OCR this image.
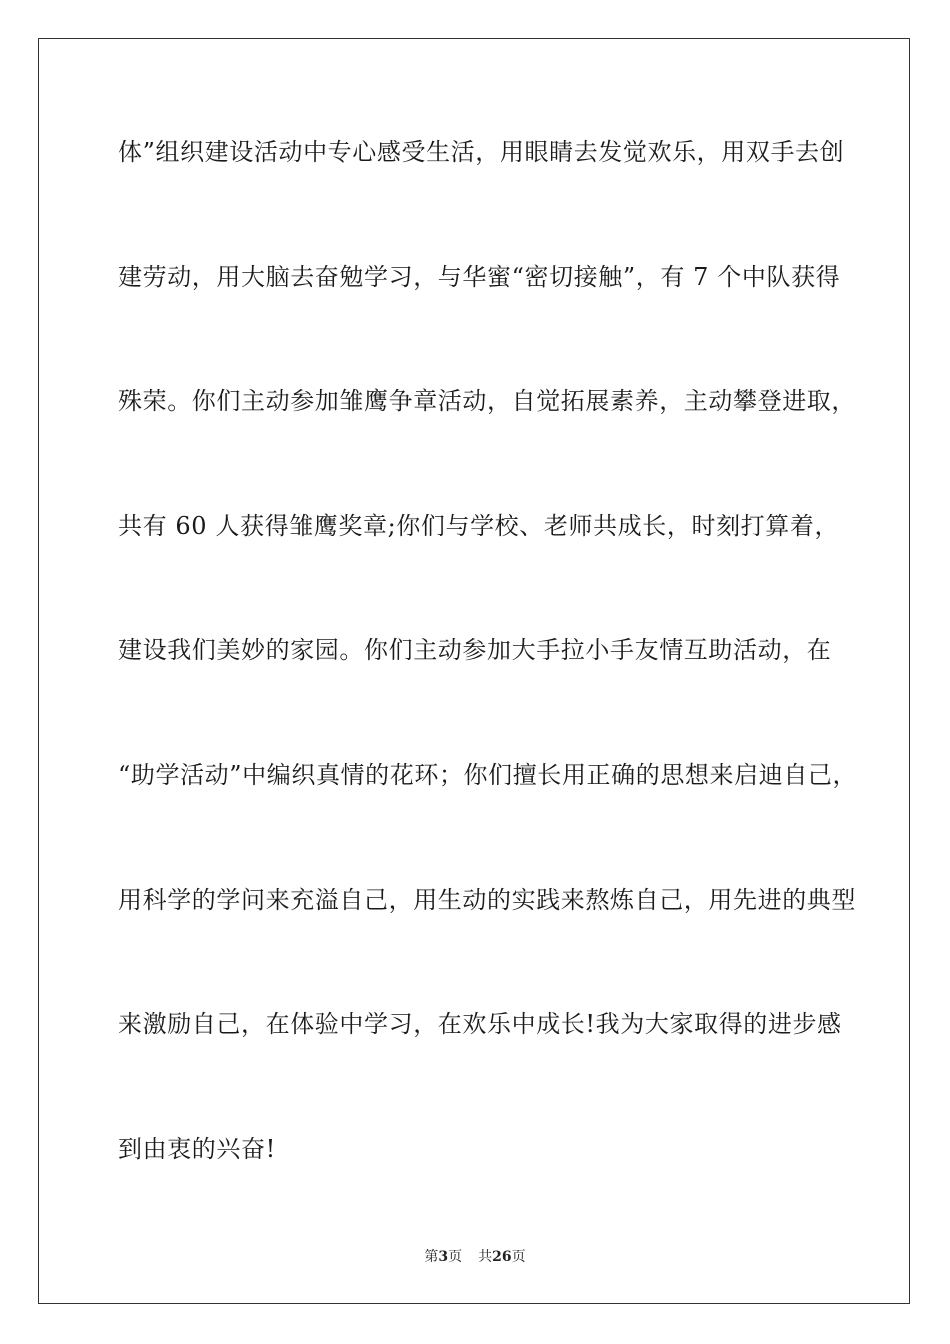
体”组织建设活动中专心感受生活，用眼睛去发觉欢乐，用双手去创
建劳动，用大脑去奋勉学习，与华蜜“密切接触”，有 7 个中队获得
殊荣。你们主动参加雏鹰争章活动，自觉拓展素养，主动攀登进取，
共有 60 人获得雏鹰奖章;你们与学校、老师共成长，时刻打算着，
建设我们美妙的家园。你们主动参加大手拉小手友情互助活动，在
“助学活动”中编织真情的花环；你们擅长用正确的思想来启迪自己，
用科学的学问来充溢自己，用生动的实践来熬炼自己，用先进的典型
来激励自己，在体验中学习，在欢乐中成长!我为大家取得的进步感
到由衷的兴奋!
第3页 共26页
